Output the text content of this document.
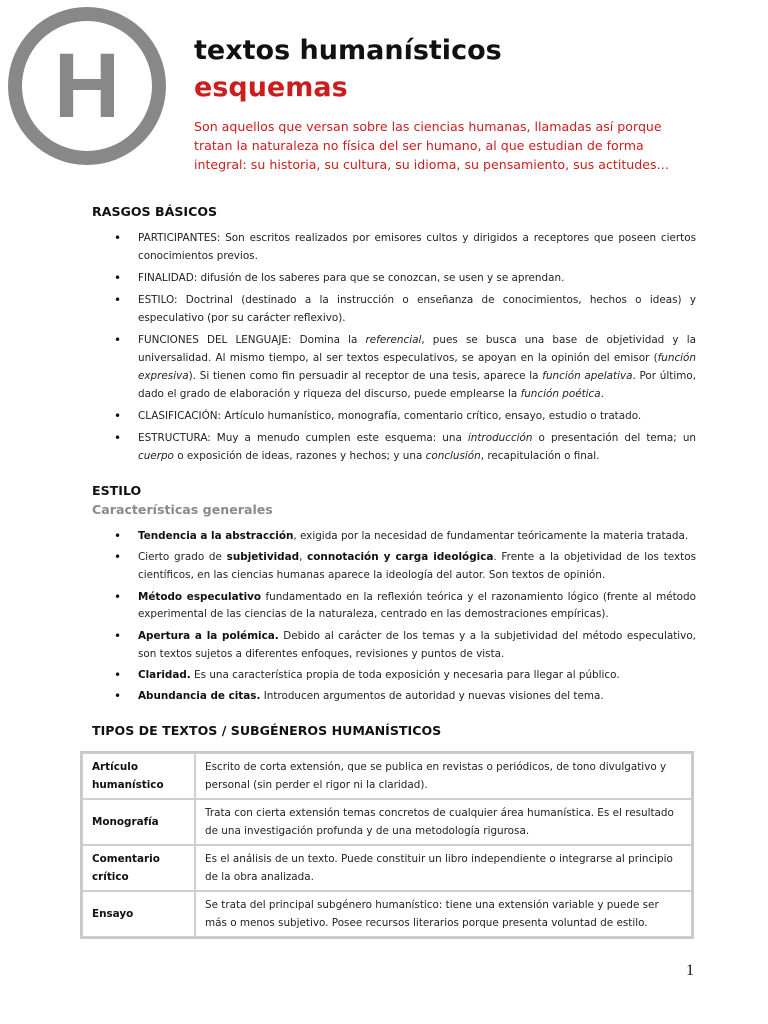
H	textos humanísticos
esquemas

Son aquellos que versan sobre las ciencias humanas, llamadas así porque tratan la naturaleza no física del ser humano, al que estudian de forma integral: su historia, su cultura, su idioma, su pensamiento, sus actitudes…

RASGOS BÁSICOS
• PARTICIPANTES: Son escritos realizados por emisores cultos y dirigidos a receptores que poseen ciertos conocimientos previos.
• FINALIDAD: difusión de los saberes para que se conozcan, se usen y se aprendan.
• ESTILO: Doctrinal (destinado a la instrucción o enseñanza de conocimientos, hechos o ideas) y especulativo (por su carácter reflexivo).
• FUNCIONES DEL LENGUAJE: Domina la referencial, pues se busca una base de objetividad y la universalidad. Al mismo tiempo, al ser textos especulativos, se apoyan en la opinión del emisor (función expresiva). Si tienen como fin persuadir al receptor de una tesis, aparece la función apelativa. Por último, dado el grado de elaboración y riqueza del discurso, puede emplearse la función poética.
• CLASIFICACIÓN: Artículo humanístico, monografía, comentario crítico, ensayo, estudio o tratado.
• ESTRUCTURA: Muy a menudo cumplen este esquema: una introducción o presentación del tema; un cuerpo o exposición de ideas, razones y hechos; y una conclusión, recapitulación o final.
ESTILO
Características generales
• Tendencia a la abstracción, exigida por la necesidad de fundamentar teóricamente la materia tratada.
• Cierto grado de subjetividad, connotación y carga ideológica. Frente a la objetividad de los textos científicos, en las ciencias humanas aparece la ideología del autor. Son textos de opinión.
• Método especulativo fundamentado en la reflexión teórica y el razonamiento lógico (frente al método experimental de las ciencias de la naturaleza, centrado en las demostraciones empíricas).
• Apertura a la polémica. Debido al carácter de los temas y a la subjetividad del método especulativo, son textos sujetos a diferentes enfoques, revisiones y puntos de vista.
• Claridad. Es una característica propia de toda exposición y necesaria para llegar al público.
• Abundancia de citas. Introducen argumentos de autoridad y nuevas visiones del tema.
TIPOS DE TEXTOS / SUBGÉNEROS HUMANÍSTICOS
Artículo humanístico	Escrito de corta extensión, que se publica en revistas o periódicos, de tono divulgativo y personal (sin perder el rigor ni la claridad).
Monografía	Trata con cierta extensión temas concretos de cualquier área humanística. Es el resultado de una investigación profunda y de una metodología rigurosa.
Comentario crítico	Es el análisis de un texto. Puede constituir un libro independiente o integrarse al principio de la obra analizada.
Ensayo	Se trata del principal subgénero humanístico: tiene una extensión variable y puede ser más o menos subjetivo. Posee recursos literarios porque presenta voluntad de estilo.
1
